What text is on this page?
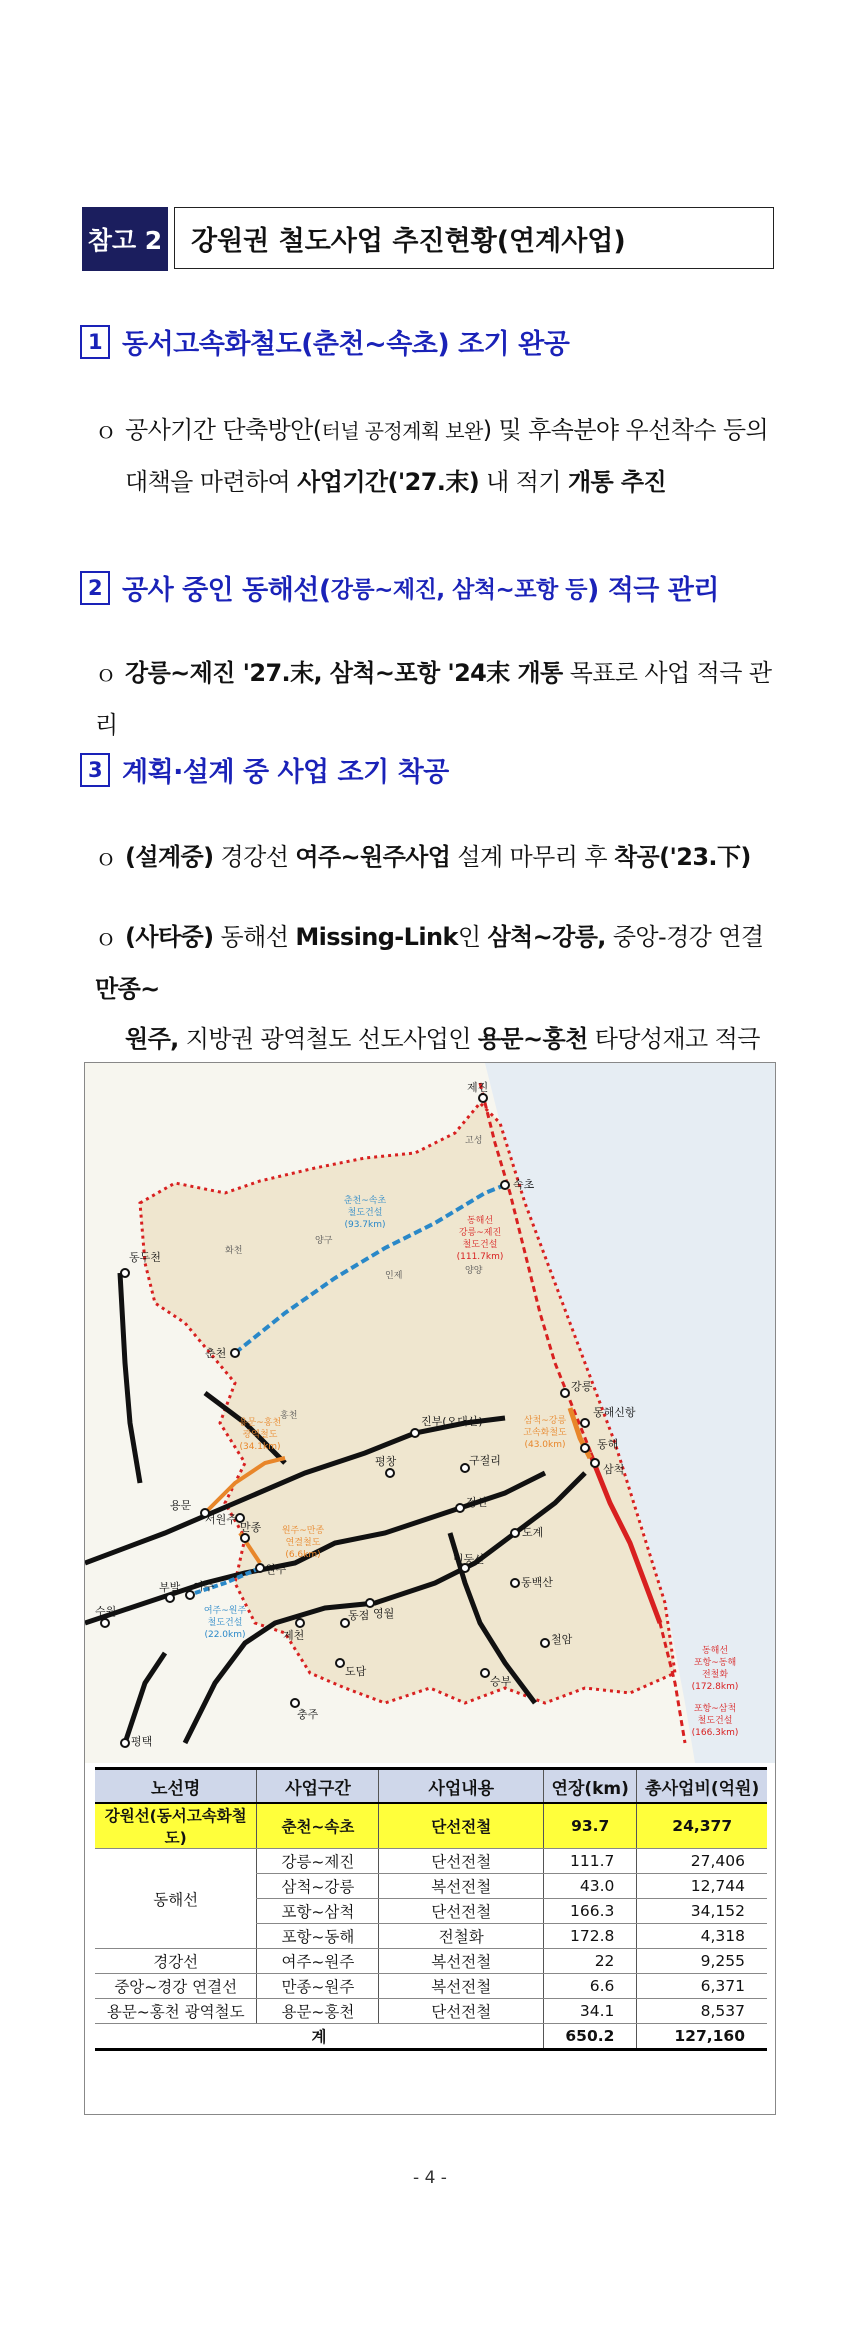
참고 2	강원권 철도사업 추진현황(연계사업)
1 동서고속화철도(춘천~속초) 조기 완공
ｏ 공사기간 단축방안(터널 공정계획 보완) 및 후속분야 우선착수 등의
대책을 마련하여 사업기간('27.末) 내 적기 개통 추진
2 공사 중인 동해선( 강릉~제진, 삼척~포항 등 ) 적극 관리
ｏ 강릉~제진 '27.末, 삼척~포항 '24末 개통 목표로 사업 적극 관리
3 계획·설계 중 사업 조기 착공
ｏ (설계중) 경강선 여주~원주사업 설계 마무리 후 착공('23.下)
ｏ (사타중) 동해선 Missing-Link인 삼척~강릉, 중앙-경강 연결 만종~
원주, 지방권 광역철도 선도사업인 용문~홍천 타당성재고 적극
제진
속초
춘천
동두천
강릉
동해신항
동해
삼척
진부(오대산)
구절리
평창
정선
민둥산
도계
동백산
철암
승부
영월
동점
제천
도담
충주
원주
만종
서원주
용문
여주
부발
수원
평택
홍천
화천
양구
인제	양양
고성
춘천~속초
철도건설
(93.7km)	동해선
강릉~제진
철도건설
(111.7km)
삼척~강릉
고속화철도
(43.0km)
용문~홍천
광역철도
(34.1km)
원주~만종
연결철도
(6.6km)
여주~원주
철도건설
(22.0km)
동해선
포항~동해
전철화
(172.8km)
포항~삼척
철도건설
(166.3km)
노선명	사업구간	사업내용	연장(km)	총사업비(억원)
강원선(동서고속화철도)	춘천~속초	단선전철	93.7	24,377
동해선	강릉~제진	단선전철	111.7	27,406
	삼척~강릉	복선전철	43.0	12,744
	포항~삼척	단선전철	166.3	34,152
	포항~동해	전철화	172.8	4,318
경강선	여주~원주	복선전철	22	9,255
중앙~경강 연결선	만종~원주	복선전철	6.6	6,371
용문~홍천 광역철도	용문~홍천	단선전철	34.1	8,537
계			650.2	127,160
- 4 -
